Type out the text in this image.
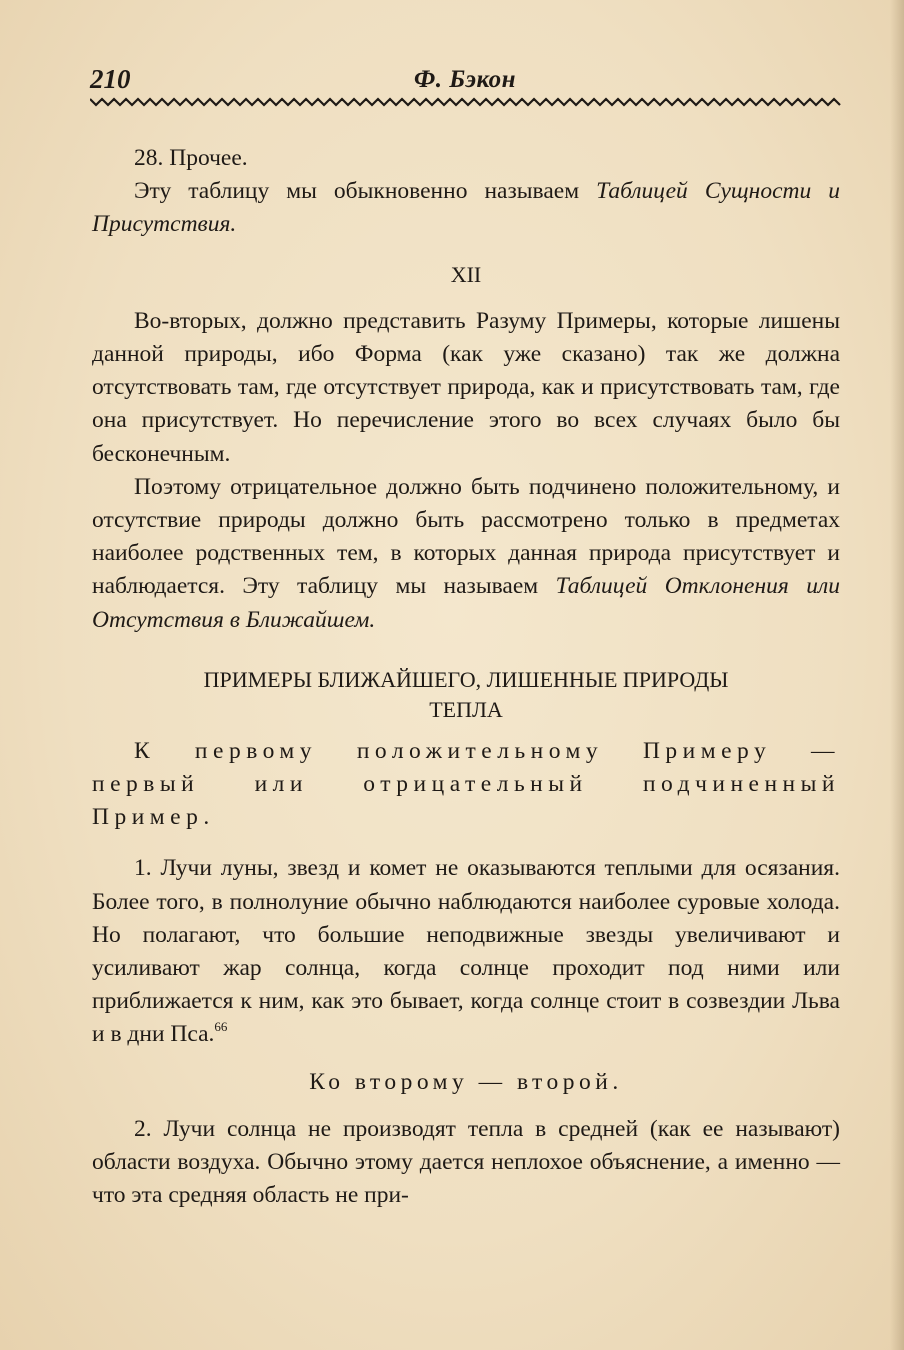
210	Ф. Бэкон

28. Прочее.

Эту таблицу мы обыкновенно называем Таблицей Сущности и Присутствия.

XII

Во-вторых, должно представить Разуму Примеры, которые лишены данной природы, ибо Форма (как уже сказано) так же должна отсутствовать там, где отсутствует природа, как и присутствовать там, где она присутствует. Но перечисление этого во всех случаях было бы бесконечным.

Поэтому отрицательное должно быть подчинено положительному, и отсутствие природы должно быть рассмотрено только в предметах наиболее родственных тем, в которых данная природа присутствует и наблюдается. Эту таблицу мы называем Таблицей Отклонения или Отсутствия в Ближайшем.

ПРИМЕРЫ БЛИЖАЙШЕГО, ЛИШЕННЫЕ ПРИРОДЫ
ТЕПЛА

К первому положительному Примеру — первый или отрицательный подчиненный Пример.

1. Лучи луны, звезд и комет не оказываются теплыми для осязания. Более того, в полнолуние обычно наблюдаются наиболее суровые холода. Но полагают, что большие неподвижные звезды увеличивают и усиливают жар солнца, когда солнце проходит под ними или приближается к ним, как это бывает, когда солнце стоит в созвездии Льва и в дни Пса.$^{66}$

Ко второму — второй.

2. Лучи солнца не производят тепла в средней (как ее называют) области воздуха. Обычно этому дается неплохое объяснение, а именно — что эта средняя область не при-
